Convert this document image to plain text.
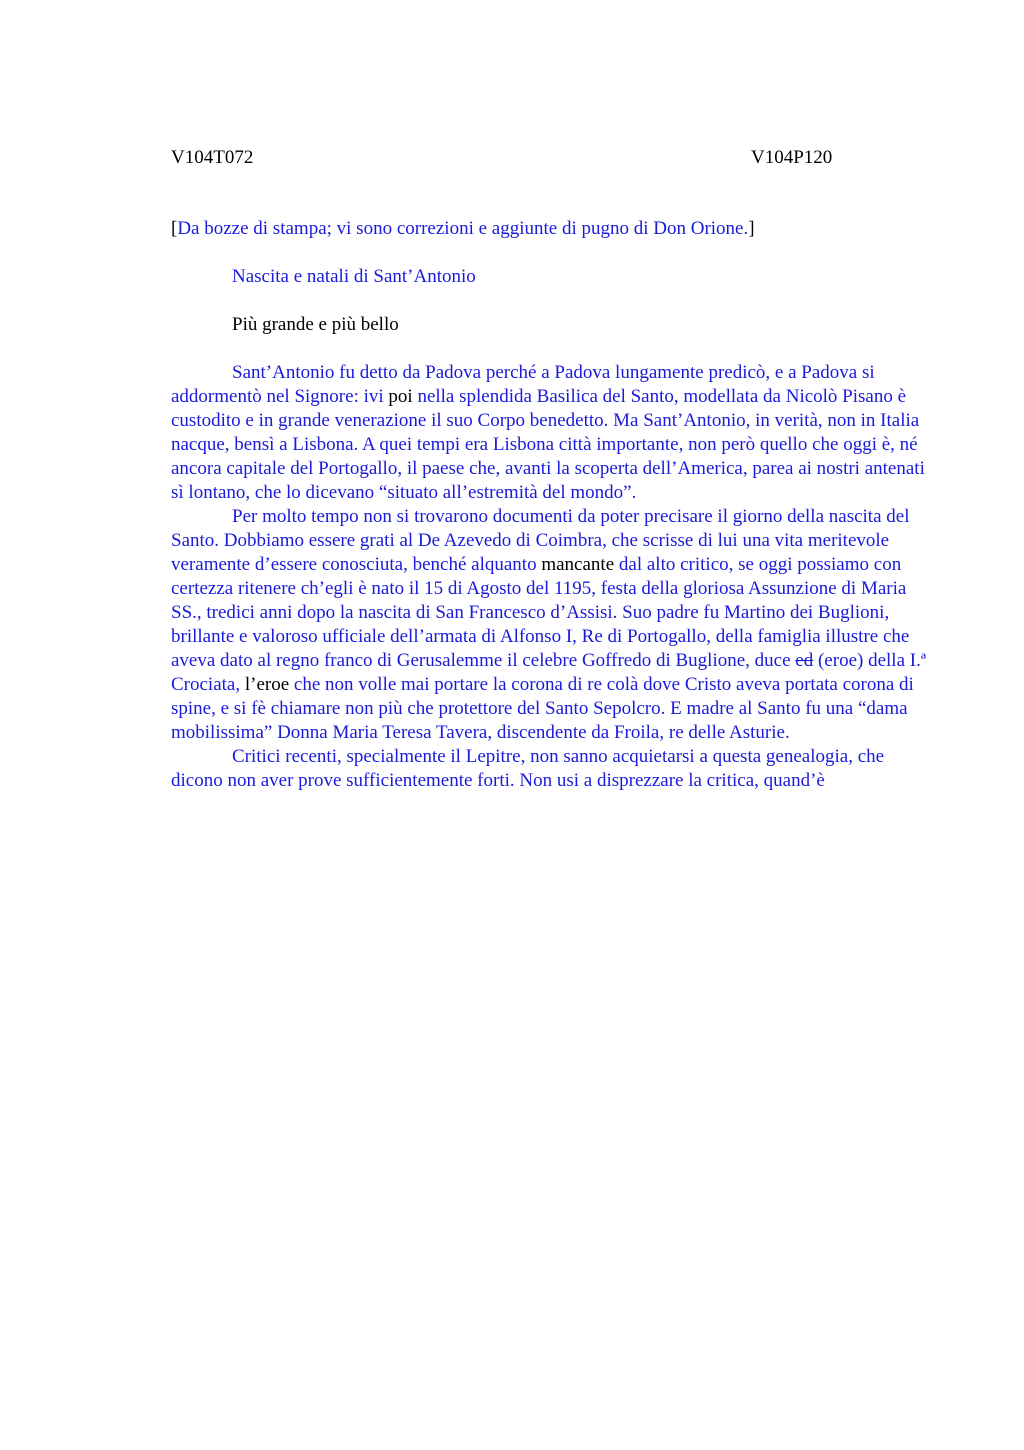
V104T072	V104P120
[Da bozze di stampa; vi sono correzioni e aggiunte di pugno di Don Orione.]
Nascita e natali di Sant’Antonio
Più grande e più bello

Sant’Antonio fu detto da Padova perché a Padova lungamente predicò, e a Padova si addormentò nel Signore: ivi poi nella splendida Basilica del Santo, modellata da Nicolò Pisano è custodito e in grande venerazione il suo Corpo benedetto. Ma Sant’Antonio, in verità, non in Italia nacque, bensì a Lisbona. A quei tempi era Lisbona città importante, non però quello che oggi è, né ancora capitale del Portogallo, il paese che, avanti la scoperta dell’America, parea ai nostri antenati sì lontano, che lo dicevano “situato all’estremità del mondo”.

Per molto tempo non si trovarono documenti da poter precisare il giorno della nascita del Santo. Dobbiamo essere grati al De Azevedo di Coimbra, che scrisse di lui una vita meritevole veramente d’essere conosciuta, benché alquanto mancante dal alto critico, se oggi possiamo con certezza ritenere ch’egli è nato il 15 di Agosto del 1195, festa della gloriosa Assunzione di Maria SS., tredici anni dopo la nascita di San Francesco d’Assisi. Suo padre fu Martino dei Buglioni, brillante e valoroso ufficiale dell’armata di Alfonso I, Re di Portogallo, della famiglia illustre che aveva dato al regno franco di Gerusalemme il celebre Goffredo di Buglione, duce ed (eroe) della I.ª Crociata, l’eroe che non volle mai portare la corona di re colà dove Cristo aveva portata corona di spine, e si fè chiamare non più che protettore del Santo Sepolcro. E madre al Santo fu una “dama mobilissima” Donna Maria Teresa Tavera, discendente da Froila, re delle Asturie.

Critici recenti, specialmente il Lepitre, non sanno acquietarsi a questa genealogia, che dicono non aver prove sufficientemente forti. Non usi a disprezzare la critica, quand’è
